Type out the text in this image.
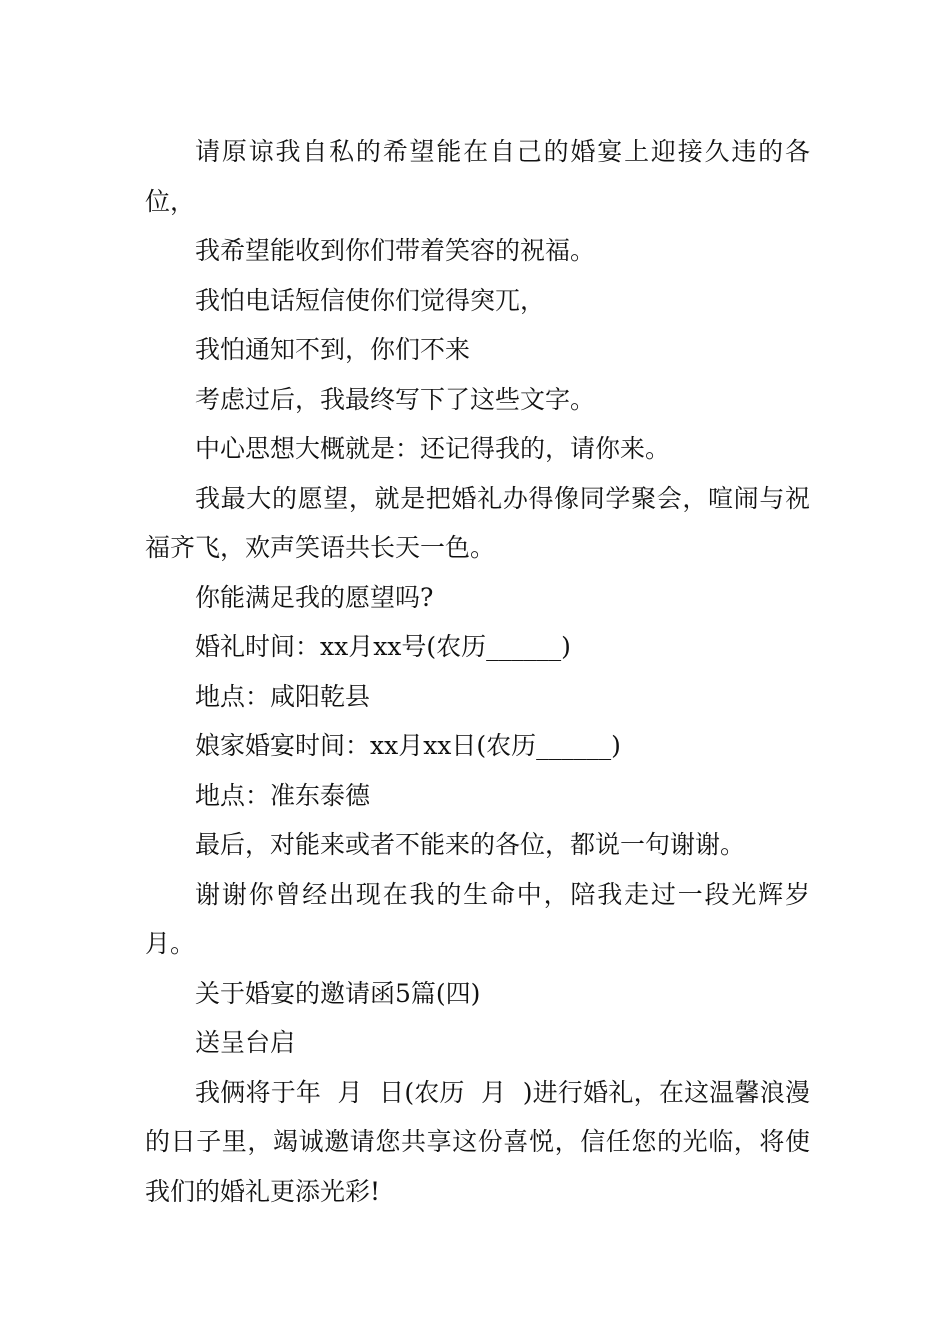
请原谅我自私的希望能在自己的婚宴上迎接久违的各位，

我希望能收到你们带着笑容的祝福。

我怕电话短信使你们觉得突兀，

我怕通知不到，你们不来

考虑过后，我最终写下了这些文字。

中心思想大概就是：还记得我的，请你来。

我最大的愿望，就是把婚礼办得像同学聚会，喧闹与祝福齐飞，欢声笑语共长天一色。

你能满足我的愿望吗?

婚礼时间：xx月xx号(农历______)

地点：咸阳乾县

娘家婚宴时间：xx月xx日(农历______)

地点：准东泰德

最后，对能来或者不能来的各位，都说一句谢谢。

谢谢你曾经出现在我的生命中，陪我走过一段光辉岁月。

关于婚宴的邀请函5篇(四)

送呈台启

我俩将于年  月  日(农历  月  )进行婚礼，在这温馨浪漫的日子里，竭诚邀请您共享这份喜悦，信任您的光临，将使我们的婚礼更添光彩!
